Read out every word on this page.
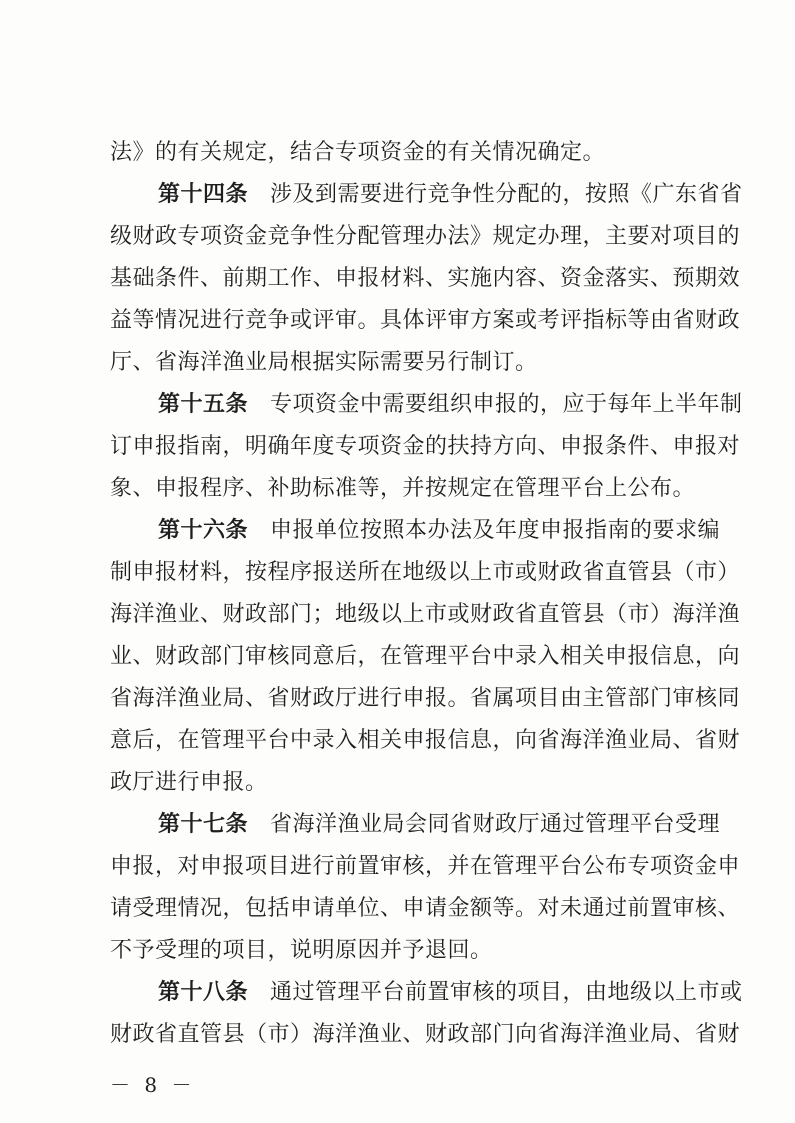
法》的有关规定，结合专项资金的有关情况确定。
第十四条 涉及到需要进行竞争性分配的，按照《广东省省
级财政专项资金竞争性分配管理办法》规定办理，主要对项目的
基础条件、前期工作、申报材料、实施内容、资金落实、预期效
益等情况进行竞争或评审。具体评审方案或考评指标等由省财政
厅、省海洋渔业局根据实际需要另行制订。
第十五条 专项资金中需要组织申报的，应于每年上半年制
订申报指南，明确年度专项资金的扶持方向、申报条件、申报对
象、申报程序、补助标准等，并按规定在管理平台上公布。
第十六条 申报单位按照本办法及年度申报指南的要求编
制申报材料，按程序报送所在地级以上市或财政省直管县（市）
海洋渔业、财政部门；地级以上市或财政省直管县（市）海洋渔
业、财政部门审核同意后，在管理平台中录入相关申报信息，向
省海洋渔业局、省财政厅进行申报。省属项目由主管部门审核同
意后，在管理平台中录入相关申报信息，向省海洋渔业局、省财
政厅进行申报。
第十七条 省海洋渔业局会同省财政厅通过管理平台受理
申报，对申报项目进行前置审核，并在管理平台公布专项资金申
请受理情况，包括申请单位、申请金额等。对未通过前置审核、
不予受理的项目，说明原因并予退回。
第十八条 通过管理平台前置审核的项目，由地级以上市或
财政省直管县（市）海洋渔业、财政部门向省海洋渔业局、省财
－ 8 －
